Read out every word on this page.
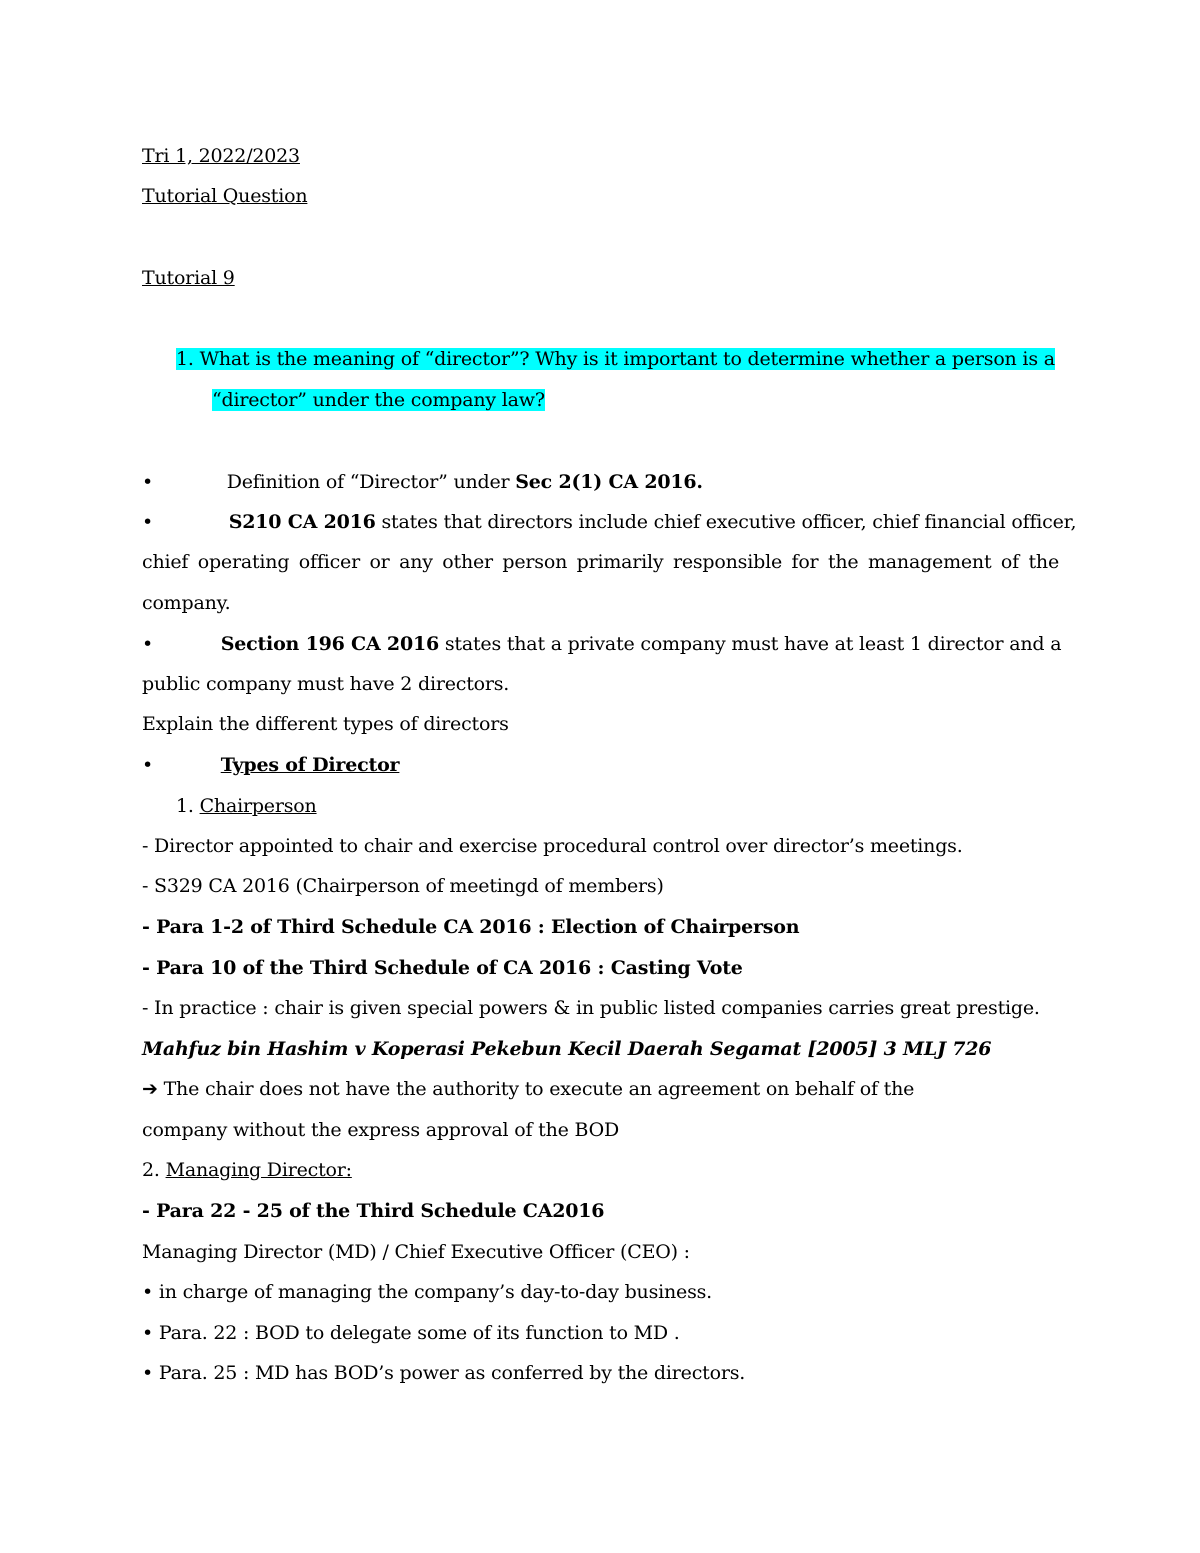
Tri 1, 2022/2023
Tutorial Question
Tutorial 9
1. What is the meaning of “director”? Why is it important to determine whether a person is a
“director” under the company law?
•	Definition of “Director” under Sec 2(1) CA 2016.
•	S210 CA 2016 states that directors include chief executive officer, chief financial officer,
chief operating officer or any other person primarily responsible for the management of the
company.
•	Section 196 CA 2016 states that a private company must have at least 1 director and a
public company must have 2 directors.
Explain the different types of directors
•	Types of Director
1. Chairperson
- Director appointed to chair and exercise procedural control over director’s meetings.
- S329 CA 2016 (Chairperson of meetingd of members)
- Para 1-2 of Third Schedule CA 2016 : Election of Chairperson
- Para 10 of the Third Schedule of CA 2016 : Casting Vote
- In practice : chair is given special powers & in public listed companies carries great prestige.
Mahfuz bin Hashim v Koperasi Pekebun Kecil Daerah Segamat [2005] 3 MLJ 726
➔ The chair does not have the authority to execute an agreement on behalf of the
company without the express approval of the BOD
2. Managing Director:
- Para 22 - 25 of the Third Schedule CA2016
Managing Director (MD) / Chief Executive Officer (CEO) :
• in charge of managing the company’s day-to-day business.
• Para. 22 : BOD to delegate some of its function to MD .
• Para. 25 : MD has BOD’s power as conferred by the directors.
